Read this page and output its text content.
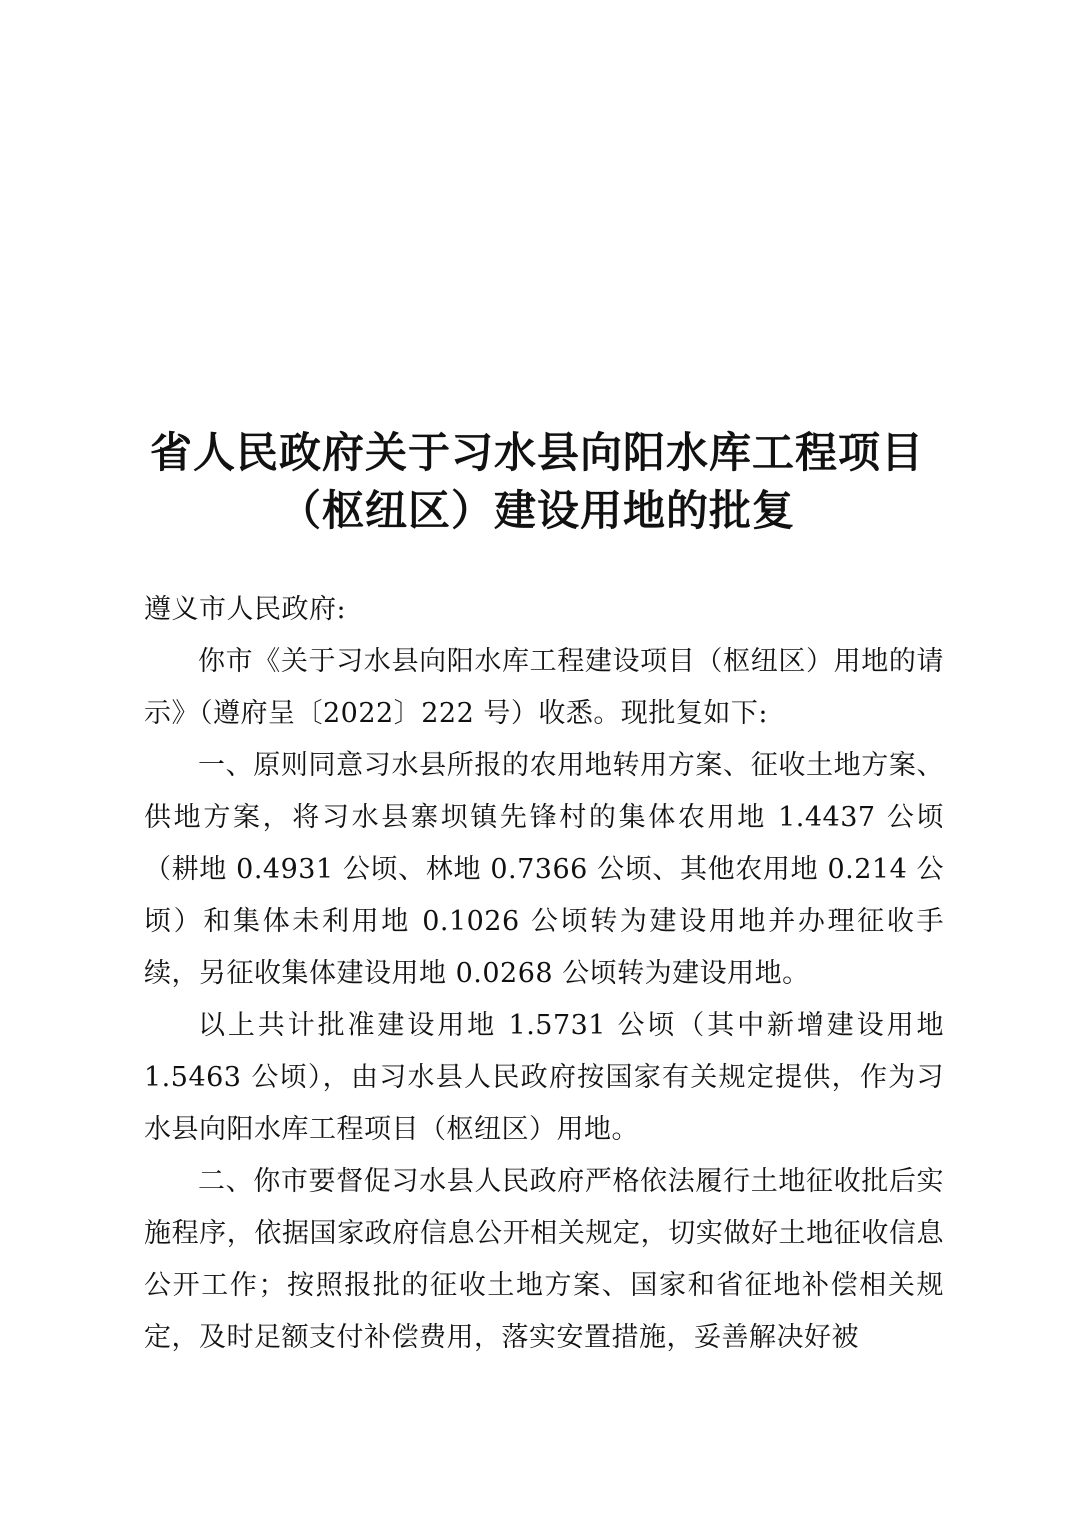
省人民政府关于习水县向阳水库工程项目
（枢纽区）建设用地的批复

遵义市人民政府:

你市《关于习水县向阳水库工程建设项目（枢纽区）用地的请示》（遵府呈〔2022〕222 号）收悉。现批复如下:

一、原则同意习水县所报的农用地转用方案、征收土地方案、供地方案，将习水县寨坝镇先锋村的集体农用地 1.4437 公顷（耕地 0.4931 公顷、林地 0.7366 公顷、其他农用地 0.214 公顷）和集体未利用地 0.1026 公顷转为建设用地并办理征收手续，另征收集体建设用地 0.0268 公顷转为建设用地。

以上共计批准建设用地 1.5731 公顷（其中新增建设用地 1.5463 公顷），由习水县人民政府按国家有关规定提供，作为习水县向阳水库工程项目（枢纽区）用地。

二、你市要督促习水县人民政府严格依法履行土地征收批后实施程序，依据国家政府信息公开相关规定，切实做好土地征收信息公开工作；按照报批的征收土地方案、国家和省征地补偿相关规定，及时足额支付补偿费用，落实安置措施，妥善解决好被
